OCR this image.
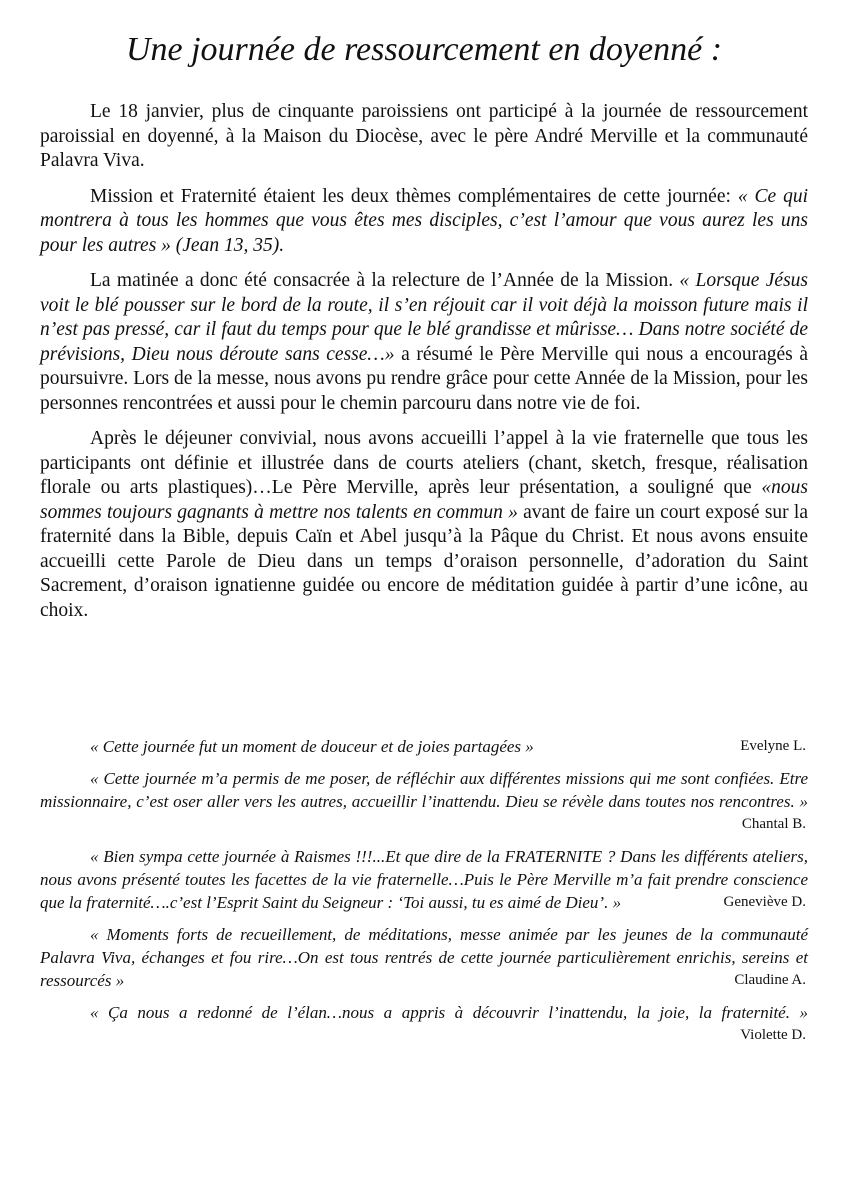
Une journée de ressourcement en doyenné :

Le 18 janvier, plus de cinquante paroissiens ont participé à la journée de ressourcement paroissial en doyenné, à la Maison du Diocèse, avec le père André Merville et la communauté Palavra Viva.

Mission et Fraternité étaient les deux thèmes complémentaires de cette journée: « Ce qui montrera à tous les hommes que vous êtes mes disciples, c’est l’amour que vous aurez les uns pour les autres » (Jean 13, 35).

La matinée a donc été consacrée à la relecture de l’Année de la Mission. « Lorsque Jésus voit le blé pousser sur le bord de la route, il s’en réjouit car il voit déjà la moisson future mais il n’est pas pressé, car il faut du temps pour que le blé grandisse et mûrisse… Dans notre société de prévisions, Dieu nous déroute sans cesse…» a résumé le Père Merville qui nous a encouragés à poursuivre. Lors de la messe, nous avons pu rendre grâce pour cette Année de la Mission, pour les personnes rencontrées et aussi pour le chemin parcouru dans notre vie de foi.

Après le déjeuner convivial, nous avons accueilli l’appel à la vie fraternelle que tous les participants ont définie et illustrée dans de courts ateliers (chant, sketch, fresque, réalisation florale ou arts plastiques)…Le Père Merville, après leur présentation, a souligné que «nous sommes toujours gagnants à mettre nos talents en commun » avant de faire un court exposé sur la fraternité dans la Bible, depuis Caïn et Abel jusqu’à la Pâque du Christ. Et nous avons ensuite accueilli cette Parole de Dieu dans un temps d’oraison personnelle, d’adoration du Saint Sacrement, d’oraison ignatienne guidée ou encore de méditation guidée à partir d’une icône, au choix.

« Cette journée fut un moment de douceur et de joies partagées »	Evelyne L.
« Cette journée m’a permis de me poser, de réfléchir aux différentes missions qui me sont confiées. Etre missionnaire, c’est oser aller vers les autres, accueillir l’inattendu. Dieu se révèle dans toutes nos rencontres. »
Chantal B.
« Bien sympa cette journée à Raismes !!!...Et que dire de la FRATERNITE ? Dans les différents ateliers, nous avons présenté toutes les facettes de la vie fraternelle…Puis le Père Merville m’a fait prendre conscience que la fraternité….c’est l’Esprit Saint du Seigneur : ‘Toi aussi, tu es aimé de Dieu’. »	Geneviève D.
« Moments forts de recueillement, de méditations, messe animée par les jeunes de la communauté Palavra Viva, échanges et fou rire…On est tous rentrés de cette journée particulièrement enrichis, sereins et ressourcés »	Claudine A.
« Ça nous a redonné de l’élan…nous a appris à découvrir l’inattendu, la joie, la fraternité. »
Violette D.
